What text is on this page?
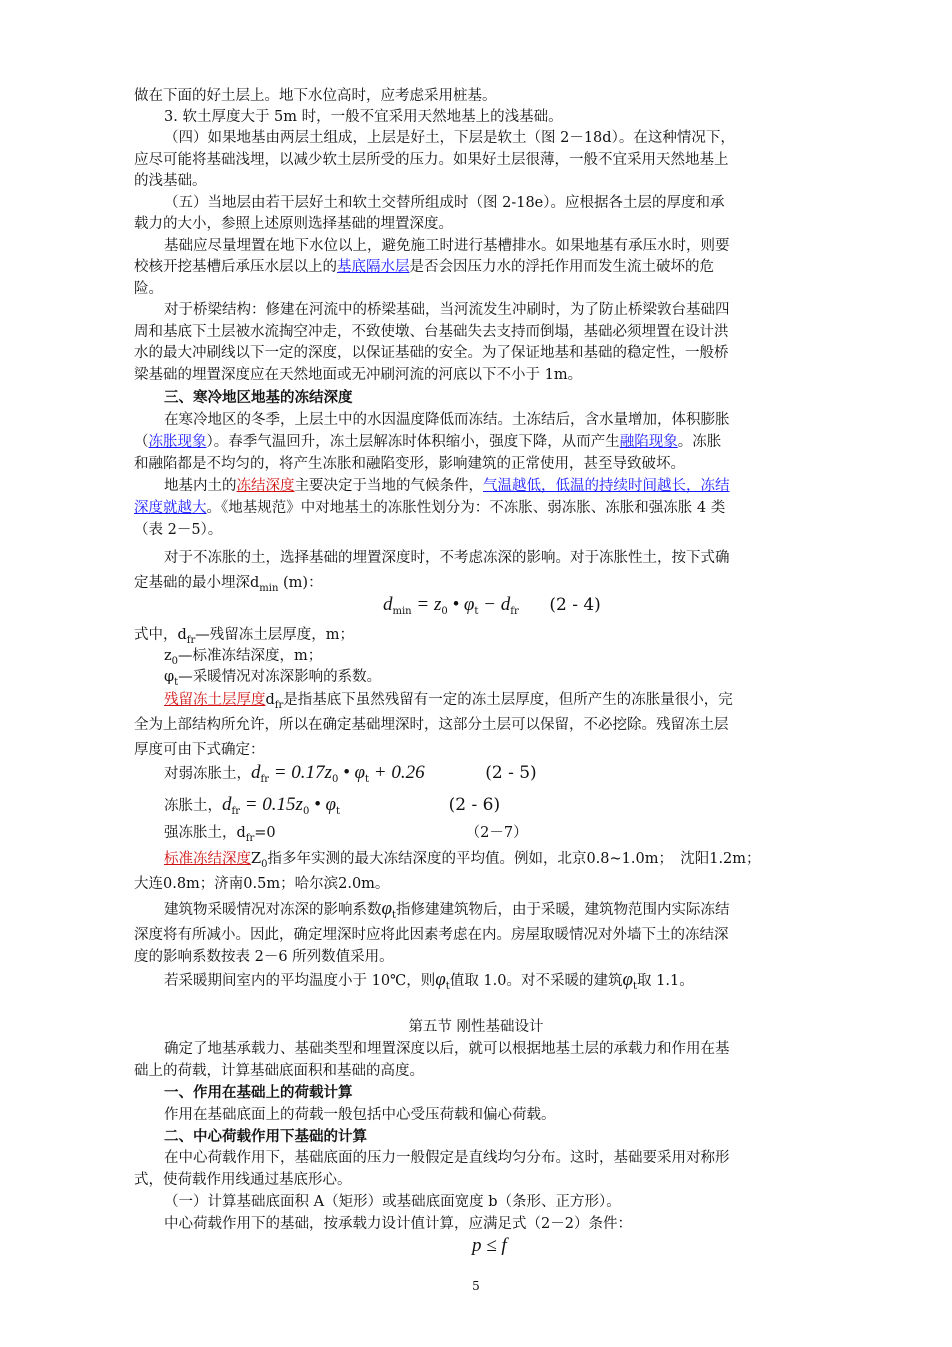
做在下面的好土层上。地下水位高时，应考虑采用桩基。
3. 软土厚度大于 5m 时，一般不宜采用天然地基上的浅基础。
（四）如果地基由两层土组成，上层是好土，下层是软土（图 2－18d）。在这种情况下，
应尽可能将基础浅埋，以减少软土层所受的压力。如果好土层很薄，一般不宜采用天然地基上
的浅基础。
（五）当地层由若干层好土和软土交替所组成时（图 2-18e）。应根据各土层的厚度和承
载力的大小，参照上述原则选择基础的埋置深度。
基础应尽量埋置在地下水位以上，避免施工时进行基槽排水。如果地基有承压水时，则要
校核开挖基槽后承压水层以上的基底隔水层是否会因压力水的浮托作用而发生流土破坏的危
险。
对于桥梁结构：修建在河流中的桥梁基础，当河流发生冲刷时，为了防止桥梁敦台基础四
周和基底下土层被水流掏空冲走，不致使墩、台基础失去支持而倒塌，基础必须埋置在设计洪
水的最大冲刷线以下一定的深度，以保证基础的安全。为了保证地基和基础的稳定性，一般桥
梁基础的埋置深度应在天然地面或无冲刷河流的河底以下不小于 1m。
三、寒冷地区地基的冻结深度
在寒冷地区的冬季，上层土中的水因温度降低而冻结。土冻结后，含水量增加，体积膨胀
（冻胀现象）。春季气温回升，冻土层解冻时体积缩小，强度下降，从而产生融陷现象。冻胀
和融陷都是不均匀的，将产生冻胀和融陷变形，影响建筑的正常使用，甚至导致破坏。
地基内土的冻结深度主要决定于当地的气候条件，气温越低，低温的持续时间越长，冻结
深度就越大。《地基规范》中对地基土的冻胀性划分为：不冻胀、弱冻胀、冻胀和强冻胀 4 类
（表 2－5）。
对于不冻胀的土，选择基础的埋置深度时，不考虑冻深的影响。对于冻胀性土，按下式确
定基础的最小埋深$d_{min}$ (m)：
$d_{min} = z_0$ • $\varphi_t - d_{fr}$ (2 - 4)
式中，$d_{fr}—$残留冻土层厚度，m；
$z_0—$标准冻结深度，m；
$\varphi_t—$采暖情况对冻深影响的系数。
残留冻土层厚度$d_{fr}$是指基底下虽然残留有一定的冻土层厚度，但所产生的冻胀量很小，完
全为上部结构所允许，所以在确定基础埋深时，这部分土层可以保留，不必挖除。残留冻土层
厚度可由下式确定：
对弱冻胀土，$d_{fr} = 0.17z_0$ • $\varphi_t + 0.26$	(2 - 5)
冻胀土，$d_{fr} = 0.15z_0$ • $\varphi_t$	(2 - 6)
强冻胀土，$d_{fr}=0$	（2－7）
标准冻结深度$Z_0$指多年实测的最大冻结深度的平均值。例如，北京0.8~1.0m；　沈阳1.2m；
大连0.8m；济南0.5m；哈尔滨2.0m。
建筑物采暖情况对冻深的影响系数$\varphi_t$指修建建筑物后，由于采暖，建筑物范围内实际冻结
深度将有所减小。因此，确定埋深时应将此因素考虑在内。房屋取暖情况对外墙下土的冻结深
度的影响系数按表 2－6 所列数值采用。
若采暖期间室内的平均温度小于 10℃，则$\varphi_t$值取 1.0。对不采暖的建筑$\varphi_t$取 1.1。
第五节 刚性基础设计
确定了地基承载力、基础类型和埋置深度以后，就可以根据地基土层的承载力和作用在基
础上的荷载，计算基础底面积和基础的高度。
一、作用在基础上的荷载计算
作用在基础底面上的荷载一般包括中心受压荷载和偏心荷载。
二、中心荷载作用下基础的计算
在中心荷载作用下，基础底面的压力一般假定是直线均匀分布。这时，基础要采用对称形
式，使荷载作用线通过基底形心。
（一）计算基础底面积 A（矩形）或基础底面宽度 b（条形、正方形）。
中心荷载作用下的基础，按承载力设计值计算，应满足式（2－2）条件：
p ≤ f
5
